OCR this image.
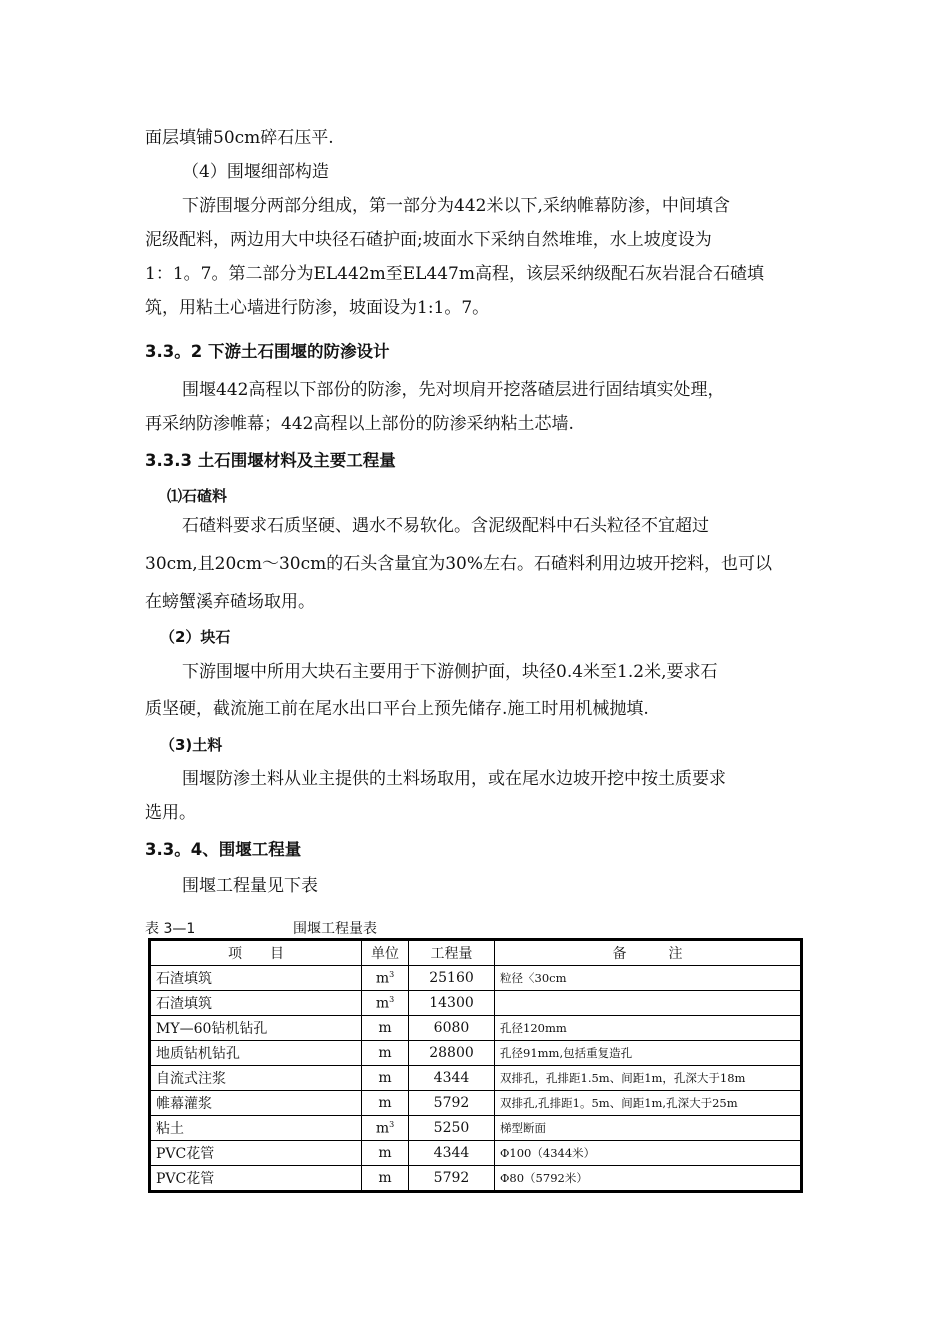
面层填铺50cm碎石压平.
（4）围堰细部构造
下游围堰分两部分组成，第一部分为442米以下,采纳帷幕防渗，中间填含
泥级配料，两边用大中块径石碴护面;坡面水下采纳自然堆堆，水上坡度设为
1：1。7。第二部分为EL442m至EL447m高程，该层采纳级配石灰岩混合石碴填
筑，用粘土心墙进行防渗，坡面设为1:1。7。
3.3。2 下游土石围堰的防渗设计
围堰442高程以下部份的防渗，先对坝肩开挖落碴层进行固结填实处理，
再采纳防渗帷幕；442高程以上部份的防渗采纳粘土芯墙.
3.3.3 土石围堰材料及主要工程量
⑴石碴料
石碴料要求石质坚硬、遇水不易软化。含泥级配料中石头粒径不宜超过
30cm,且20cm～30cm的石头含量宜为30%左右。石碴料利用边坡开挖料，也可以
在螃蟹溪弃碴场取用。
（2）块石
下游围堰中所用大块石主要用于下游侧护面，块径0.4米至1.2米,要求石
质坚硬，截流施工前在尾水出口平台上预先储存.施工时用机械抛填.
（3)土料
围堰防渗土料从业主提供的土料场取用，或在尾水边坡开挖中按土质要求
选用。
3.3。4、围堰工程量
围堰工程量见下表
表 3—1	围堰工程量表
项　　目	单位	工程量	备　　　注
石渣填筑	$m^3$	25160	粒径〈30cm
石渣填筑	$m^3$	14300	
MY—60钻机钻孔	m	6080	孔径120mm
地质钻机钻孔	m	28800	孔径91mm,包括重复造孔
自流式注浆	m	4344	双排孔，孔排距1.5m、间距1m，孔深大于18m
帷幕灌浆	m	5792	双排孔,孔排距1。5m、间距1m,孔深大于25m
粘土	$m^3$	5250	梯型断面
PVC花管	m	4344	Φ100（4344米）
PVC花管	m	5792	Φ80（5792米）
